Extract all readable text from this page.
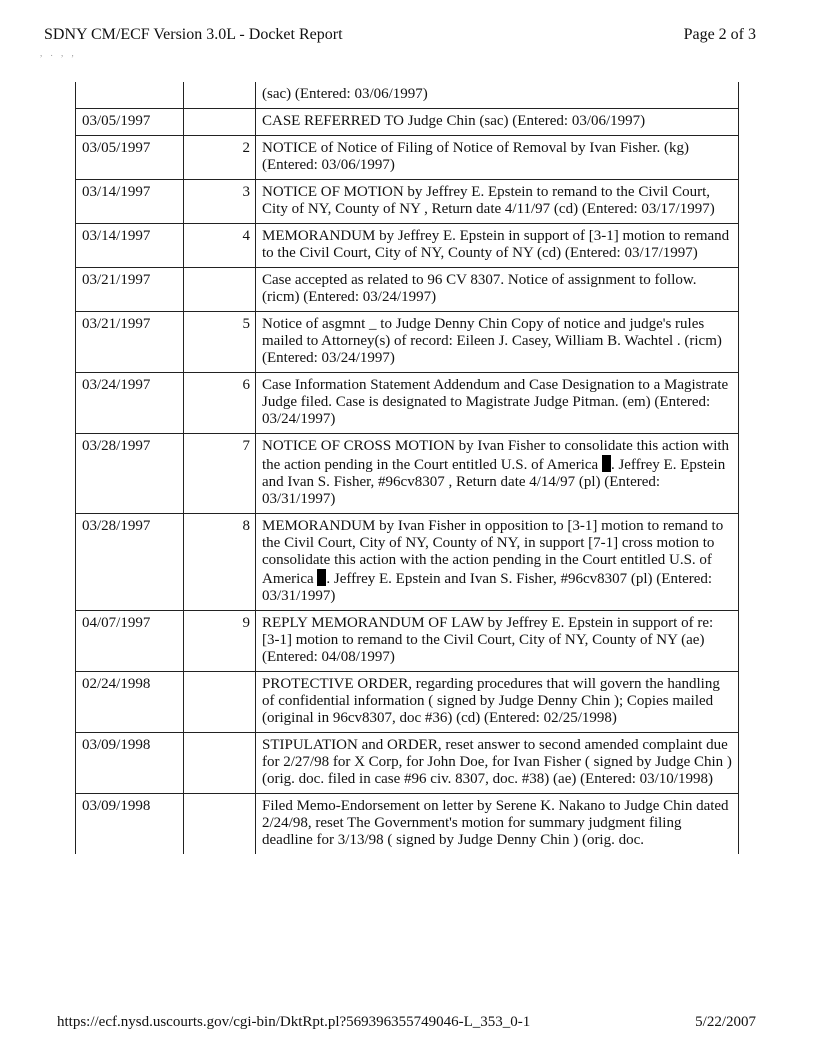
SDNY CM/ECF Version 3.0L - Docket Report	Page 2 of 3
, . , ,
		(sac) (Entered: 03/06/1997)
03/05/1997		CASE REFERRED TO Judge Chin (sac) (Entered: 03/06/1997)
03/05/1997	2	NOTICE of Notice of Filing of Notice of Removal by Ivan Fisher. (kg) (Entered: 03/06/1997)
03/14/1997	3	NOTICE OF MOTION by Jeffrey E. Epstein to remand to the Civil Court, City of NY, County of NY , Return date 4/11/97 (cd) (Entered: 03/17/1997)
03/14/1997	4	MEMORANDUM by Jeffrey E. Epstein in support of [3-1] motion to remand to the Civil Court, City of NY, County of NY (cd) (Entered: 03/17/1997)
03/21/1997		Case accepted as related to 96 CV 8307. Notice of assignment to follow. (ricm) (Entered: 03/24/1997)
03/21/1997	5	Notice of asgmnt _ to Judge Denny Chin Copy of notice and judge's rules mailed to Attorney(s) of record: Eileen J. Casey, William B. Wachtel . (ricm) (Entered: 03/24/1997)
03/24/1997	6	Case Information Statement Addendum and Case Designation to a Magistrate Judge filed. Case is designated to Magistrate Judge Pitman. (em) (Entered: 03/24/1997)
03/28/1997	7	NOTICE OF CROSS MOTION by Ivan Fisher to consolidate this action with the action pending in the Court entitled U.S. of America . Jeffrey E. Epstein and Ivan S. Fisher, #96cv8307 , Return date 4/14/97 (pl) (Entered: 03/31/1997)
03/28/1997	8	MEMORANDUM by Ivan Fisher in opposition to [3-1] motion to remand to the Civil Court, City of NY, County of NY, in support [7-1] cross motion to consolidate this action with the action pending in the Court entitled U.S. of America . Jeffrey E. Epstein and Ivan S. Fisher, #96cv8307 (pl) (Entered: 03/31/1997)
04/07/1997	9	REPLY MEMORANDUM OF LAW by Jeffrey E. Epstein in support of re: [3-1] motion to remand to the Civil Court, City of NY, County of NY (ae) (Entered: 04/08/1997)
02/24/1998		PROTECTIVE ORDER, regarding procedures that will govern the handling of confidential information ( signed by Judge Denny Chin ); Copies mailed (original in 96cv8307, doc #36) (cd) (Entered: 02/25/1998)
03/09/1998		STIPULATION and ORDER, reset answer to second amended complaint due for 2/27/98 for X Corp, for John Doe, for Ivan Fisher ( signed by Judge Chin ) (orig. doc. filed in case #96 civ. 8307, doc. #38) (ae) (Entered: 03/10/1998)
03/09/1998		Filed Memo-Endorsement on letter by Serene K. Nakano to Judge Chin dated 2/24/98, reset The Government's motion for summary judgment filing deadline for 3/13/98 ( signed by Judge Denny Chin ) (orig. doc.
https://ecf.nysd.uscourts.gov/cgi-bin/DktRpt.pl?569396355749046-L_353_0-1	5/22/2007
